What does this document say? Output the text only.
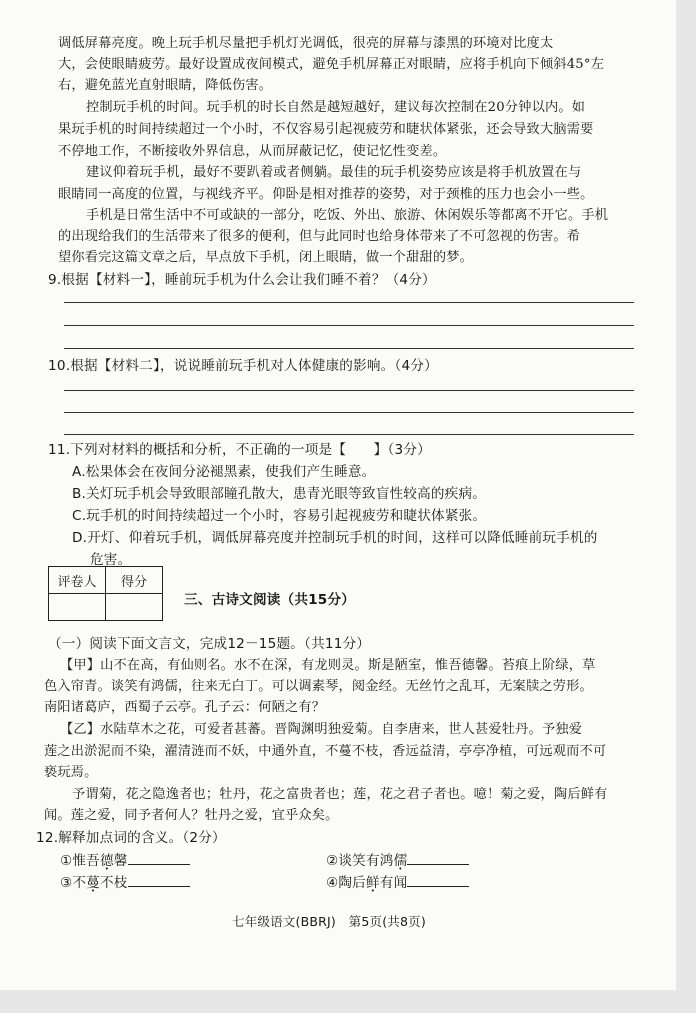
调低屏幕亮度。晚上玩手机尽量把手机灯光调低，很亮的屏幕与漆黑的环境对比度太
大，会使眼睛疲劳。最好设置成夜间模式，避免手机屏幕正对眼睛，应将手机向下倾斜45°左
右，避免蓝光直射眼睛，降低伤害。
控制玩手机的时间。玩手机的时长自然是越短越好，建议每次控制在20分钟以内。如
果玩手机的时间持续超过一个小时，不仅容易引起视疲劳和睫状体紧张，还会导致大脑需要
不停地工作，不断接收外界信息，从而屏蔽记忆，使记忆性变差。
建议仰着玩手机，最好不要趴着或者侧躺。最佳的玩手机姿势应该是将手机放置在与
眼睛同一高度的位置，与视线齐平。仰卧是相对推荐的姿势，对于颈椎的压力也会小一些。
手机是日常生活中不可或缺的一部分，吃饭、外出、旅游、休闲娱乐等都离不开它。手机
的出现给我们的生活带来了很多的便利，但与此同时也给身体带来了不可忽视的伤害。希
望你看完这篇文章之后，早点放下手机，闭上眼睛，做一个甜甜的梦。
9.根据【材料一】，睡前玩手机为什么会让我们睡不着？（4分）
10.根据【材料二】，说说睡前玩手机对人体健康的影响。（4分）
11.下列对材料的概括和分析，不正确的一项是【　　】（3分）
A.松果体会在夜间分泌褪黑素，使我们产生睡意。
B.关灯玩手机会导致眼部瞳孔散大，患青光眼等致盲性较高的疾病。
C.玩手机的时间持续超过一个小时，容易引起视疲劳和睫状体紧张。
D.开灯、仰着玩手机，调低屏幕亮度并控制玩手机的时间，这样可以降低睡前玩手机的
危害。
评卷人	得分

三、古诗文阅读（共15分）
（一）阅读下面文言文，完成12－15题。（共11分）
【甲】山不在高，有仙则名。水不在深，有龙则灵。斯是陋室，惟吾德馨。苔痕上阶绿，草
色入帘青。谈笑有鸿儒，往来无白丁。可以调素琴，阅金经。无丝竹之乱耳，无案牍之劳形。
南阳诸葛庐，西蜀子云亭。孔子云：何陋之有？
【乙】水陆草木之花，可爱者甚蕃。晋陶渊明独爱菊。自李唐来，世人甚爱牡丹。予独爱
莲之出淤泥而不染，濯清涟而不妖，中通外直，不蔓不枝，香远益清，亭亭净植，可远观而不可
亵玩焉。
予谓菊，花之隐逸者也；牡丹，花之富贵者也；莲，花之君子者也。噫！菊之爱，陶后鲜有
闻。莲之爱，同予者何人？牡丹之爱，宜乎众矣。
12.解释加点词的含义。（2分）
①惟吾德馨	②谈笑有鸿儒
③不蔓不枝	④陶后鲜有闻
七年级语文(BBRJ)　第5页(共8页)
